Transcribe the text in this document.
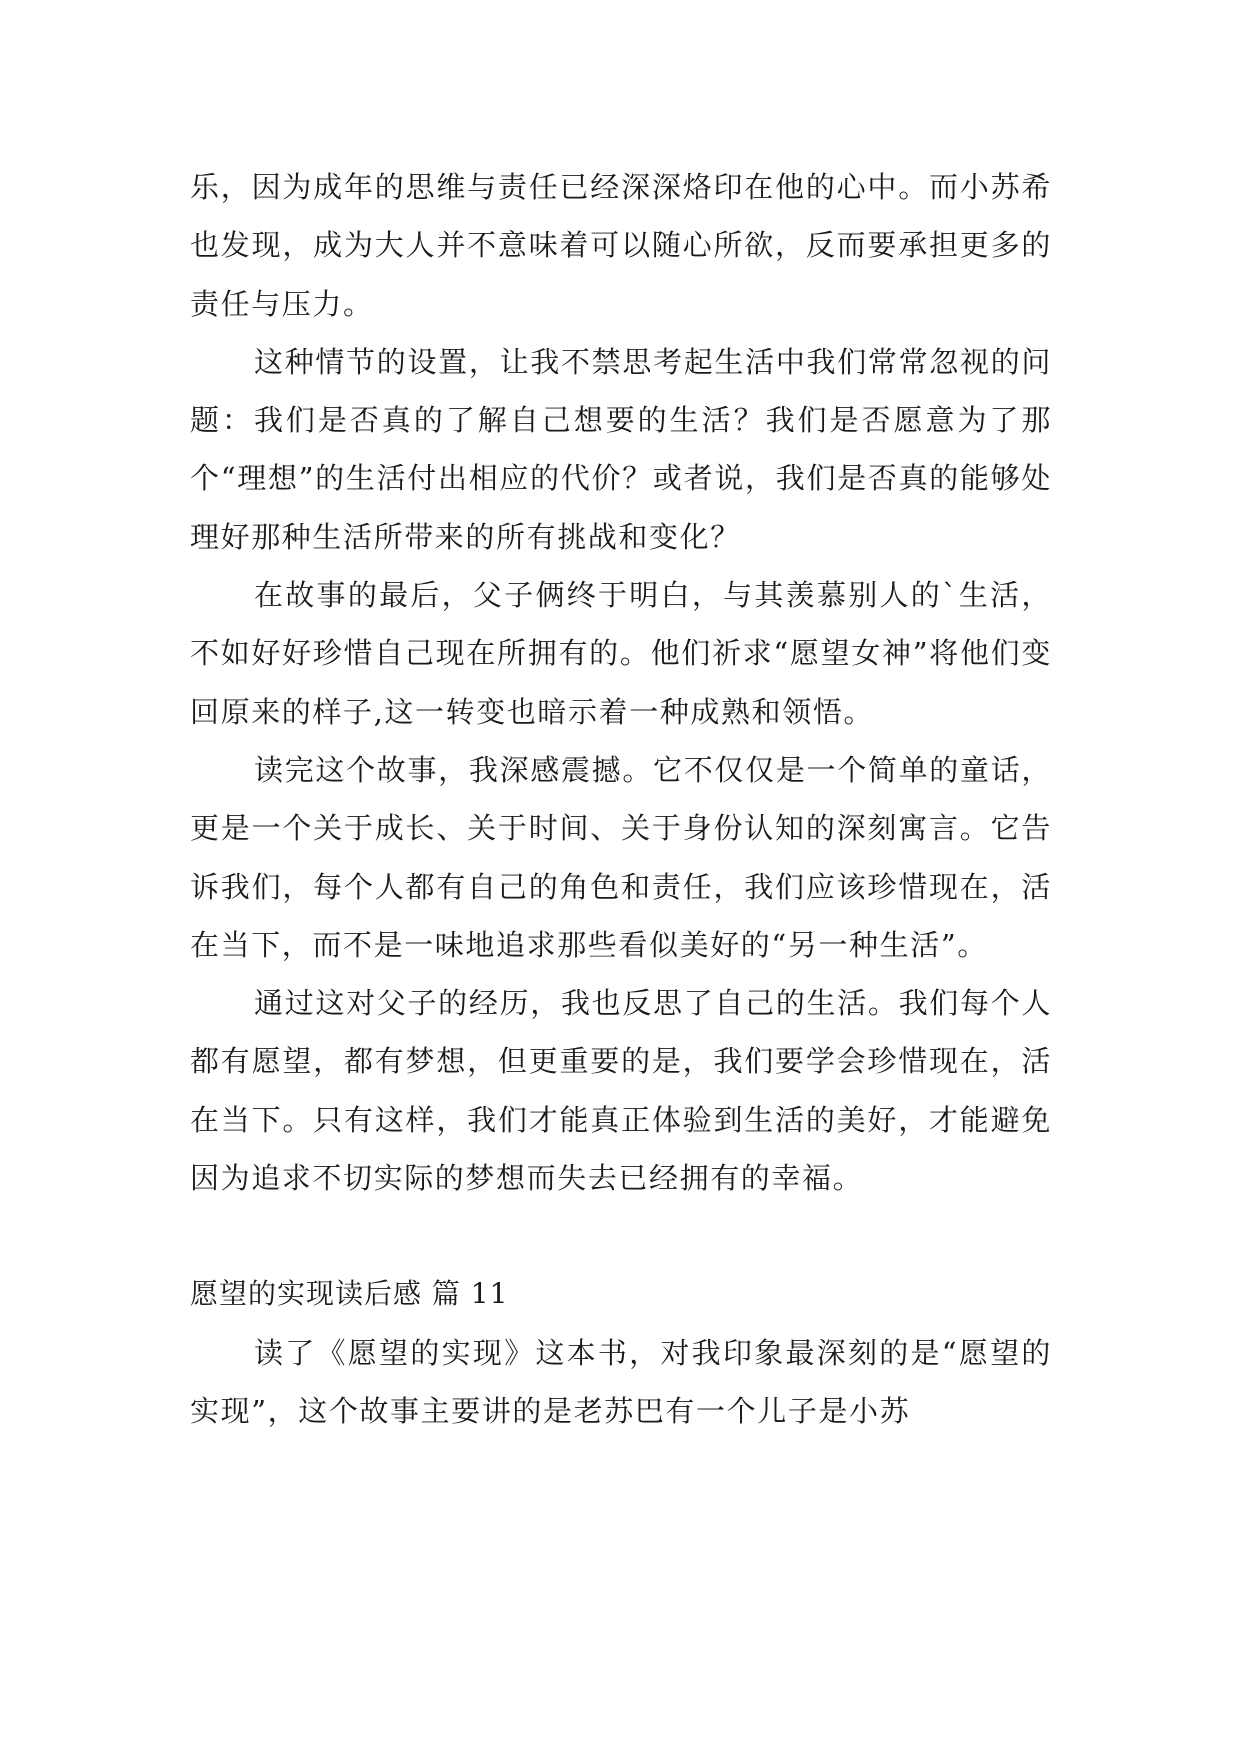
乐，因为成年的思维与责任已经深深烙印在他的心中。而小苏希也发现，成为大人并不意味着可以随心所欲，反而要承担更多的责任与压力。

这种情节的设置，让我不禁思考起生活中我们常常忽视的问题：我们是否真的了解自己想要的生活？我们是否愿意为了那个“理想”的生活付出相应的代价？或者说，我们是否真的能够处理好那种生活所带来的所有挑战和变化？

在故事的最后，父子俩终于明白，与其羡慕别人的`生活，不如好好珍惜自己现在所拥有的。他们祈求“愿望女神”将他们变回原来的样子,这一转变也暗示着一种成熟和领悟。

读完这个故事，我深感震撼。它不仅仅是一个简单的童话，更是一个关于成长、关于时间、关于身份认知的深刻寓言。它告诉我们，每个人都有自己的角色和责任，我们应该珍惜现在，活在当下，而不是一味地追求那些看似美好的“另一种生活”。

通过这对父子的经历，我也反思了自己的生活。我们每个人都有愿望，都有梦想，但更重要的是，我们要学会珍惜现在，活在当下。只有这样，我们才能真正体验到生活的美好，才能避免因为追求不切实际的梦想而失去已经拥有的幸福。

愿望的实现读后感 篇 11

读了《愿望的实现》这本书，对我印象最深刻的是“愿望的实现”，这个故事主要讲的是老苏巴有一个儿子是小苏
